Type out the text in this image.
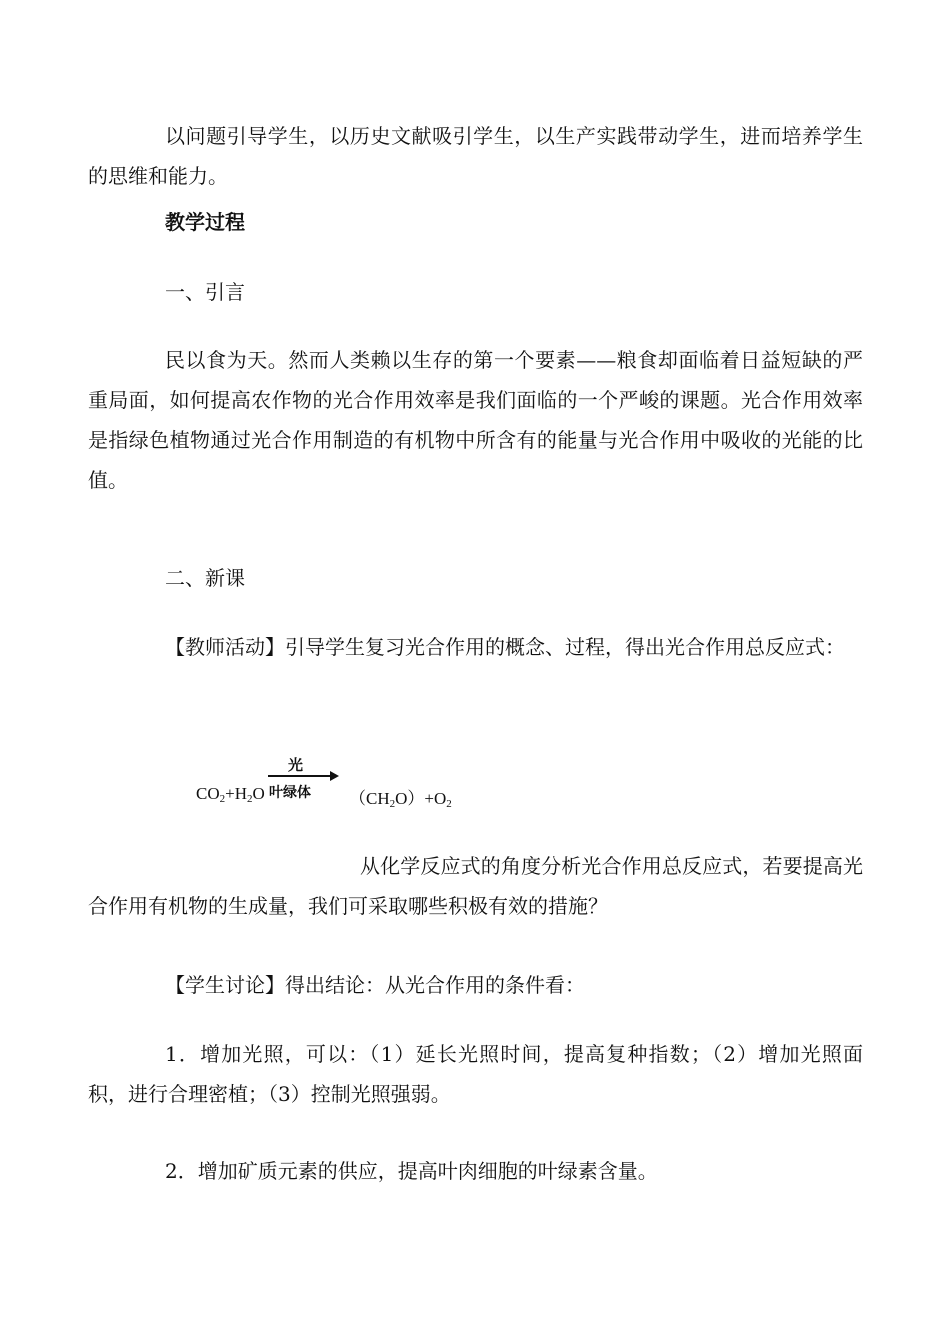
以问题引导学生，以历史文献吸引学生，以生产实践带动学生，进而培养学生的思维和能力。

教学过程

一、引言

民以食为天。然而人类赖以生存的第一个要素——粮食却面临着日益短缺的严重局面，如何提高农作物的光合作用效率是我们面临的一个严峻的课题。光合作用效率是指绿色植物通过光合作用制造的有机物中所含有的能量与光合作用中吸收的光能的比值。

二、新课

【教师活动】引导学生复习光合作用的概念、过程，得出光合作用总反应式：

$CO_2+H_2O$
光
叶绿体 $(CH_2O)+O_2$

从化学反应式的角度分析光合作用总反应式，若要提高光合作用有机物的生成量，我们可采取哪些积极有效的措施？

【学生讨论】得出结论：从光合作用的条件看：

1．增加光照，可以：（1）延长光照时间，提高复种指数；（2）增加光照面积，进行合理密植；（3）控制光照强弱。

2．增加矿质元素的供应，提高叶肉细胞的叶绿素含量。
